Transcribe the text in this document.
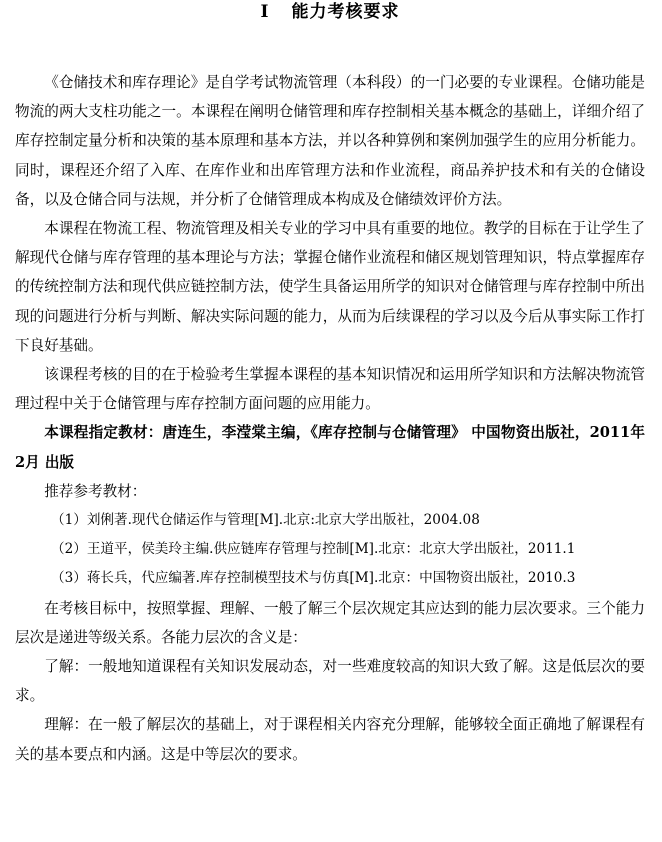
Ⅰ 能力考核要求

《仓储技术和库存理论》是自学考试物流管理（本科段）的一门必要的专业课程。仓储功能是物流的两大支柱功能之一。本课程在阐明仓储管理和库存控制相关基本概念的基础上，详细介绍了库存控制定量分析和决策的基本原理和基本方法，并以各种算例和案例加强学生的应用分析能力。同时，课程还介绍了入库、在库作业和出库管理方法和作业流程，商品养护技术和有关的仓储设备，以及仓储合同与法规，并分析了仓储管理成本构成及仓储绩效评价方法。

本课程在物流工程、物流管理及相关专业的学习中具有重要的地位。教学的目标在于让学生了解现代仓储与库存管理的基本理论与方法；掌握仓储作业流程和储区规划管理知识，特点掌握库存的传统控制方法和现代供应链控制方法，使学生具备运用所学的知识对仓储管理与库存控制中所出现的问题进行分析与判断、解决实际问题的能力，从而为后续课程的学习以及今后从事实际工作打下良好基础。

该课程考核的目的在于检验考生掌握本课程的基本知识情况和运用所学知识和方法解决物流管理过程中关于仓储管理与库存控制方面问题的应用能力。

本课程指定教材：唐连生，李滢棠主编，《库存控制与仓储管理》 中国物资出版社，2011年2月 出版

推荐参考教材：

（1）刘俐著.现代仓储运作与管理[M].北京:北京大学出版社，2004.08

（2）王道平，侯美玲主编.供应链库存管理与控制[M].北京：北京大学出版社，2011.1

（3）蒋长兵，代应编著.库存控制模型技术与仿真[M].北京：中国物资出版社，2010.3

在考核目标中，按照掌握、理解、一般了解三个层次规定其应达到的能力层次要求。三个能力层次是递进等级关系。各能力层次的含义是：

了解：一般地知道课程有关知识发展动态，对一些难度较高的知识大致了解。这是低层次的要求。

理解：在一般了解层次的基础上，对于课程相关内容充分理解，能够较全面正确地了解课程有关的基本要点和内涵。这是中等层次的要求。
